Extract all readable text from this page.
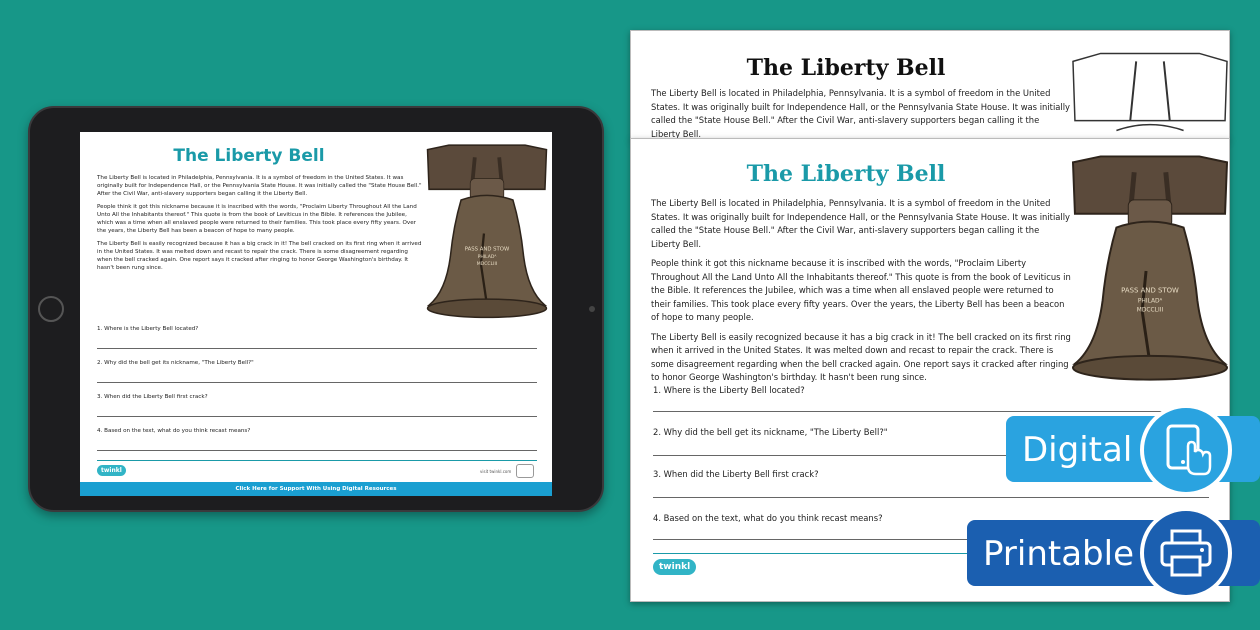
The Liberty Bell

The Liberty Bell is located in Philadelphia, Pennsylvania. It is a symbol of freedom in the United States. It was originally built for Independence Hall, or the Pennsylvania State House. It was initially called the "State House Bell." After the Civil War, anti-slavery supporters began calling it the Liberty Bell.

People think it got this nickname because it is inscribed with the words, "Proclaim Liberty Throughout All the Land Unto All the Inhabitants thereof." This quote is from the book of Leviticus in the Bible. It references the Jubilee, which was a time when all enslaved people were returned to their families. This took place every fifty years. Over the years, the Liberty Bell has been a beacon of hope to many people.

The Liberty Bell is easily recognized because it has a big crack in it! The bell cracked on its first ring when it arrived in the United States. It was melted down and recast to repair the crack. There is some disagreement regarding when the bell cracked again. One report says it cracked after ringing to honor George Washington's birthday. It hasn't been rung since.

PASS AND STOW
PHILADᴬ
MDCCLIII
1. Where is the Liberty Bell located?
2. Why did the bell get its nickname, "The Liberty Bell?"
3. When did the Liberty Bell first crack?
4. Based on the text, what do you think recast means?
twinkl	visit twinkl.com
Click Here for Support With Using Digital Resources
The Liberty Bell

The Liberty Bell is located in Philadelphia, Pennsylvania. It is a symbol of freedom in the United States. It was originally built for Independence Hall, or the Pennsylvania State House. It was initially called the "State House Bell." After the Civil War, anti-slavery supporters began calling it the Liberty Bell.

The Liberty Bell

The Liberty Bell is located in Philadelphia, Pennsylvania. It is a symbol of freedom in the United States. It was originally built for Independence Hall, or the Pennsylvania State House. It was initially called the "State House Bell." After the Civil War, anti-slavery supporters began calling it the Liberty Bell.

People think it got this nickname because it is inscribed with the words, "Proclaim Liberty Throughout All the Land Unto All the Inhabitants thereof." This quote is from the book of Leviticus in the Bible. It references the Jubilee, which was a time when all enslaved people were returned to their families. This took place every fifty years. Over the years, the Liberty Bell has been a beacon of hope to many people.

The Liberty Bell is easily recognized because it has a big crack in it! The bell cracked on its first ring when it arrived in the United States. It was melted down and recast to repair the crack. There is some disagreement regarding when the bell cracked again. One report says it cracked after ringing to honor George Washington's birthday. It hasn't been rung since.

PASS AND STOW
PHILADᴬ
MDCCLIII
1. Where is the Liberty Bell located?
2. Why did the bell get its nickname, "The Liberty Bell?"
3. When did the Liberty Bell first crack?
4. Based on the text, what do you think recast means?
twinkl
Digital
Printable
